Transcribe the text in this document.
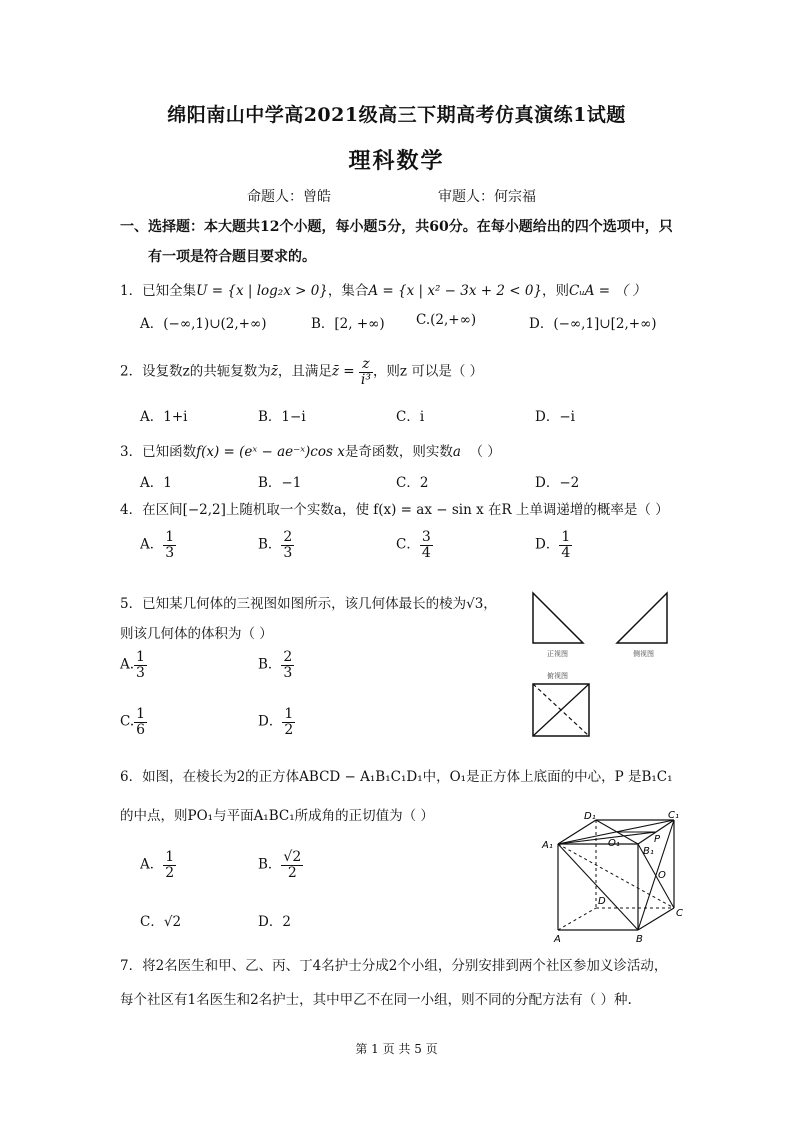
绵阳南山中学高2021级高三下期高考仿真演练1试题
理科数学
命题人：曾皓	审题人：何宗福
一、选择题：本大题共12个小题，每小题5分，共60分。在每小题给出的四个选项中，只
有一项是符合题目要求的。
1．已知全集U = {x | log₂x > 0}，集合A = {x | x² − 3x + 2 < 0}，则CᵤA = （ ）
A．(−∞,1)∪(2,+∞)	B．[2, +∞) C.(2,+∞)	D．(−∞,1]∪[2,+∞)
2．设复数z的共轭复数为z̄，且满足z̄ = $\frac{z}{\text{i³}}$ ，则z 可以是（ ）
A．1+i	B．1−i	C．i	D．−i
3．已知函数f(x) = (eˣ − ae⁻ˣ)cos x是奇函数，则实数a （ ）
A．1	B．−1	C．2	D．−2
4．在区间[−2,2]上随机取一个实数a，使 f(x) = ax − sin x 在R 上单调递增的概率是（ ）
A． $\frac{1}{3}$	B． $\frac{2}{3}$	C． $\frac{3}{4}$	D． $\frac{1}{4}$
5．已知某几何体的三视图如图所示，该几何体最长的棱为√3，
则该几何体的体积为（ ）
A. $\frac{1}{3}$	B． $\frac{2}{3}$
C. $\frac{1}{6}$	D． $\frac{1}{2}$
正视图	侧视图
俯视图
6．如图，在棱长为2的正方体ABCD − A₁B₁C₁D₁中，O₁是正方体上底面的中心，P 是B₁C₁
的中点，则PO₁与平面A₁BC₁所成角的正切值为（ ）
A． $\frac{1}{2}$	B． $\frac{√2}{2}$
C．√2	D．2
D₁	C₁
A₁	O₁	P
B₁
O
D
C
A	B
7．将2名医生和甲、乙、丙、丁4名护士分成2个小组，分别安排到两个社区参加义诊活动，
每个社区有1名医生和2名护士，其中甲乙不在同一小组，则不同的分配方法有（ ）种.
第 1 页 共 5 页
